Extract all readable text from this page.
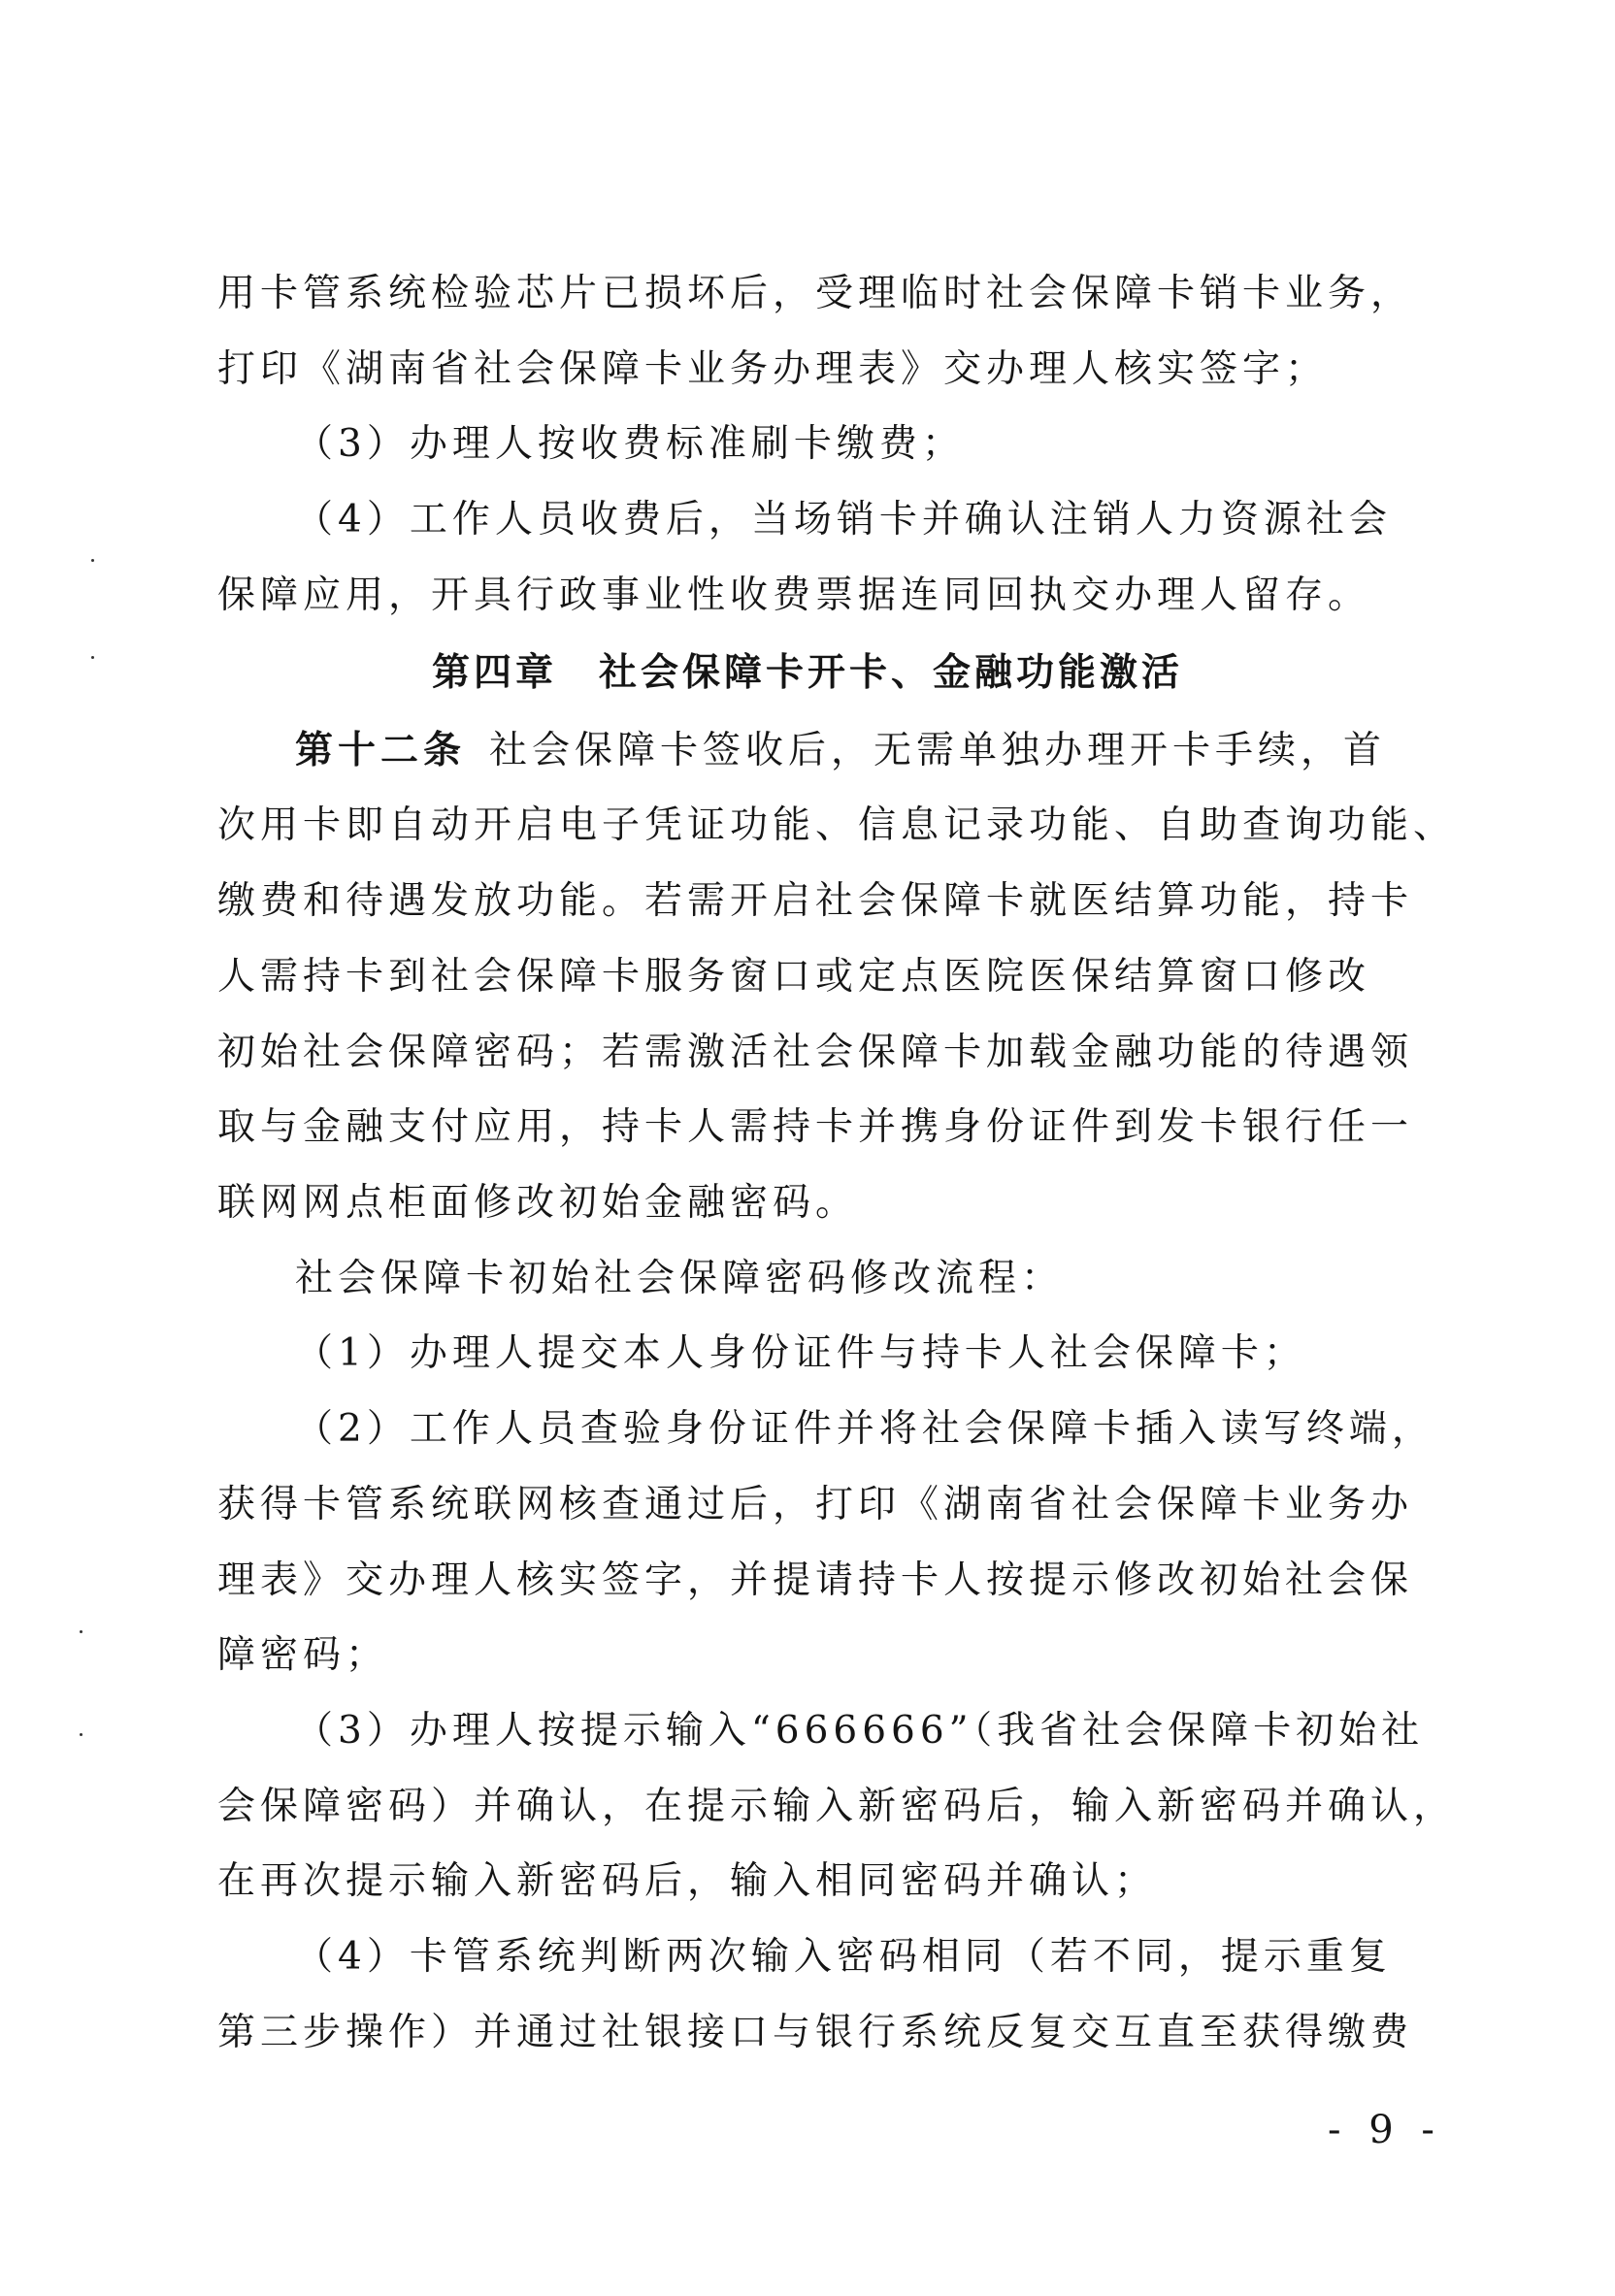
用卡管系统检验芯片已损坏后，受理临时社会保障卡销卡业务，
打印《湖南省社会保障卡业务办理表》交办理人核实签字；
（3）办理人按收费标准刷卡缴费；
（4）工作人员收费后，当场销卡并确认注销人力资源社会
保障应用，开具行政事业性收费票据连同回执交办理人留存。
第四章　社会保障卡开卡、金融功能激活
第十二条 社会保障卡签收后，无需单独办理开卡手续，首
次用卡即自动开启电子凭证功能、信息记录功能、自助查询功能、
缴费和待遇发放功能。若需开启社会保障卡就医结算功能，持卡
人需持卡到社会保障卡服务窗口或定点医院医保结算窗口修改
初始社会保障密码；若需激活社会保障卡加载金融功能的待遇领
取与金融支付应用，持卡人需持卡并携身份证件到发卡银行任一
联网网点柜面修改初始金融密码。
社会保障卡初始社会保障密码修改流程：
（1）办理人提交本人身份证件与持卡人社会保障卡；
（2）工作人员查验身份证件并将社会保障卡插入读写终端，
获得卡管系统联网核查通过后，打印《湖南省社会保障卡业务办
理表》交办理人核实签字，并提请持卡人按提示修改初始社会保
障密码；
（3）办理人按提示输入“666666”（我省社会保障卡初始社
会保障密码）并确认，在提示输入新密码后，输入新密码并确认，
在再次提示输入新密码后，输入相同密码并确认；
（4）卡管系统判断两次输入密码相同（若不同，提示重复
第三步操作）并通过社银接口与银行系统反复交互直至获得缴费
- 9 -
